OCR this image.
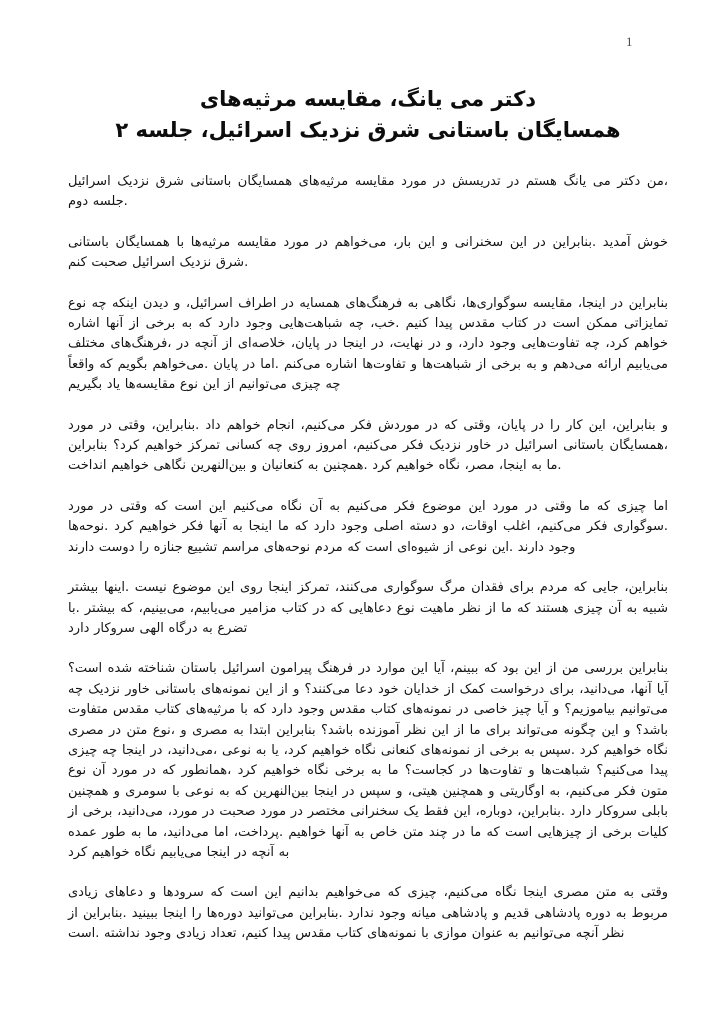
1
دکتر می یانگ، مقایسه مرثیه‌های
همسایگان باستانی شرق نزدیک اسرائیل، جلسه ۲

،من دکتر می یانگ هستم در تدریسش در مورد مقایسه مرثیه‌های همسایگان باستانی شرق نزدیک اسرائیل .جلسه دوم

خوش آمدید .بنابراین در این سخنرانی و این بار، می‌خواهم در مورد مقایسه مرثیه‌ها با همسایگان باستانی .شرق نزدیک اسرائیل صحبت کنم

بنابراین در اینجا، مقایسه سوگواری‌ها، نگاهی به فرهنگ‌های همسایه در اطراف اسرائیل، و دیدن اینکه چه نوع تمایزاتی ممکن است در کتاب مقدس پیدا کنیم .خب، چه شباهت‌هایی وجود دارد که به برخی از آنها اشاره خواهم کرد، چه تفاوت‌هایی وجود دارد، و در نهایت، در اینجا در پایان، خلاصه‌ای از آنچه در ،فرهنگ‌های مختلف می‌یابیم ارائه می‌دهم و به برخی از شباهت‌ها و تفاوت‌ها اشاره می‌کنم .اما در پایان .می‌خواهم بگویم که واقعاً چه چیزی می‌توانیم از این نوع مقایسه‌ها یاد بگیریم

و بنابراین، این کار را در پایان، وقتی که در موردش فکر می‌کنیم، انجام خواهم داد .بنابراین، وقتی در مورد ،همسایگان باستانی اسرائیل در خاور نزدیک فکر می‌کنیم، امروز روی چه کسانی تمرکز خواهیم کرد؟ بنابراین .ما به اینجا، مصر، نگاه خواهیم کرد .همچنین به کنعانیان و بین‌النهرین نگاهی خواهیم انداخت

اما چیزی که ما وقتی در مورد این موضوع فکر می‌کنیم به آن نگاه می‌کنیم این است که وقتی در مورد .سوگواری فکر می‌کنیم، اغلب اوقات، دو دسته اصلی وجود دارد که ما اینجا به آنها فکر خواهیم کرد .نوحه‌ها وجود دارند .این نوعی از شیوه‌ای است که مردم نوحه‌های مراسم تشییع جنازه را دوست دارند

بنابراین، جایی که مردم برای فقدان مرگ سوگواری می‌کنند، تمرکز اینجا روی این موضوع نیست .اینها بیشتر شبیه به آن چیزی هستند که ما از نظر ماهیت نوع دعاهایی که در کتاب مزامیر می‌یابیم، می‌بینیم، که بیشتر .با تضرع به درگاه الهی سروکار دارد

بنابراین بررسی من از این بود که ببینم، آیا این موارد در فرهنگ پیرامون اسرائیل باستان شناخته شده است؟ آیا آنها، می‌دانید، برای درخواست کمک از خدایان خود دعا می‌کنند؟ و از این نمونه‌های باستانی خاور نزدیک چه می‌توانیم بیاموزیم؟ و آیا چیز خاصی در نمونه‌های کتاب مقدس وجود دارد که با مرثیه‌های کتاب مقدس متفاوت باشد؟ و این چگونه می‌تواند برای ما از این نظر آموزنده باشد؟ بنابراین ابتدا به مصری و ،نوع متن در مصری نگاه خواهیم کرد .سپس به برخی از نمونه‌های کنعانی نگاه خواهیم کرد، یا به نوعی ،می‌دانید، در اینجا چه چیزی پیدا می‌کنیم؟ شباهت‌ها و تفاوت‌ها در کجاست؟ ما به برخی نگاه خواهیم کرد ،همانطور که در مورد آن نوع متون فکر می‌کنیم، به اوگاریتی و همچنین هیتی، و سپس در اینجا بین‌النهرین که به نوعی با سومری و همچنین بابلی سروکار دارد .بنابراین، دوباره، این فقط یک سخنرانی مختصر در مورد صحبت در مورد، می‌دانید، برخی از کلیات برخی از چیزهایی است که ما در چند متن خاص به آنها خواهیم .پرداخت، اما می‌دانید، ما به طور عمده به آنچه در اینجا می‌یابیم نگاه خواهیم کرد

وقتی به متن مصری اینجا نگاه می‌کنیم، چیزی که می‌خواهیم بدانیم این است که سرودها و دعاهای زیادی مربوط به دوره پادشاهی قدیم و پادشاهی میانه وجود ندارد .بنابراین می‌توانید دوره‌ها را اینجا ببینید .بنابراین از نظر آنچه می‌توانیم به عنوان موازی با نمونه‌های کتاب مقدس پیدا کنیم، تعداد زیادی وجود نداشته .است
